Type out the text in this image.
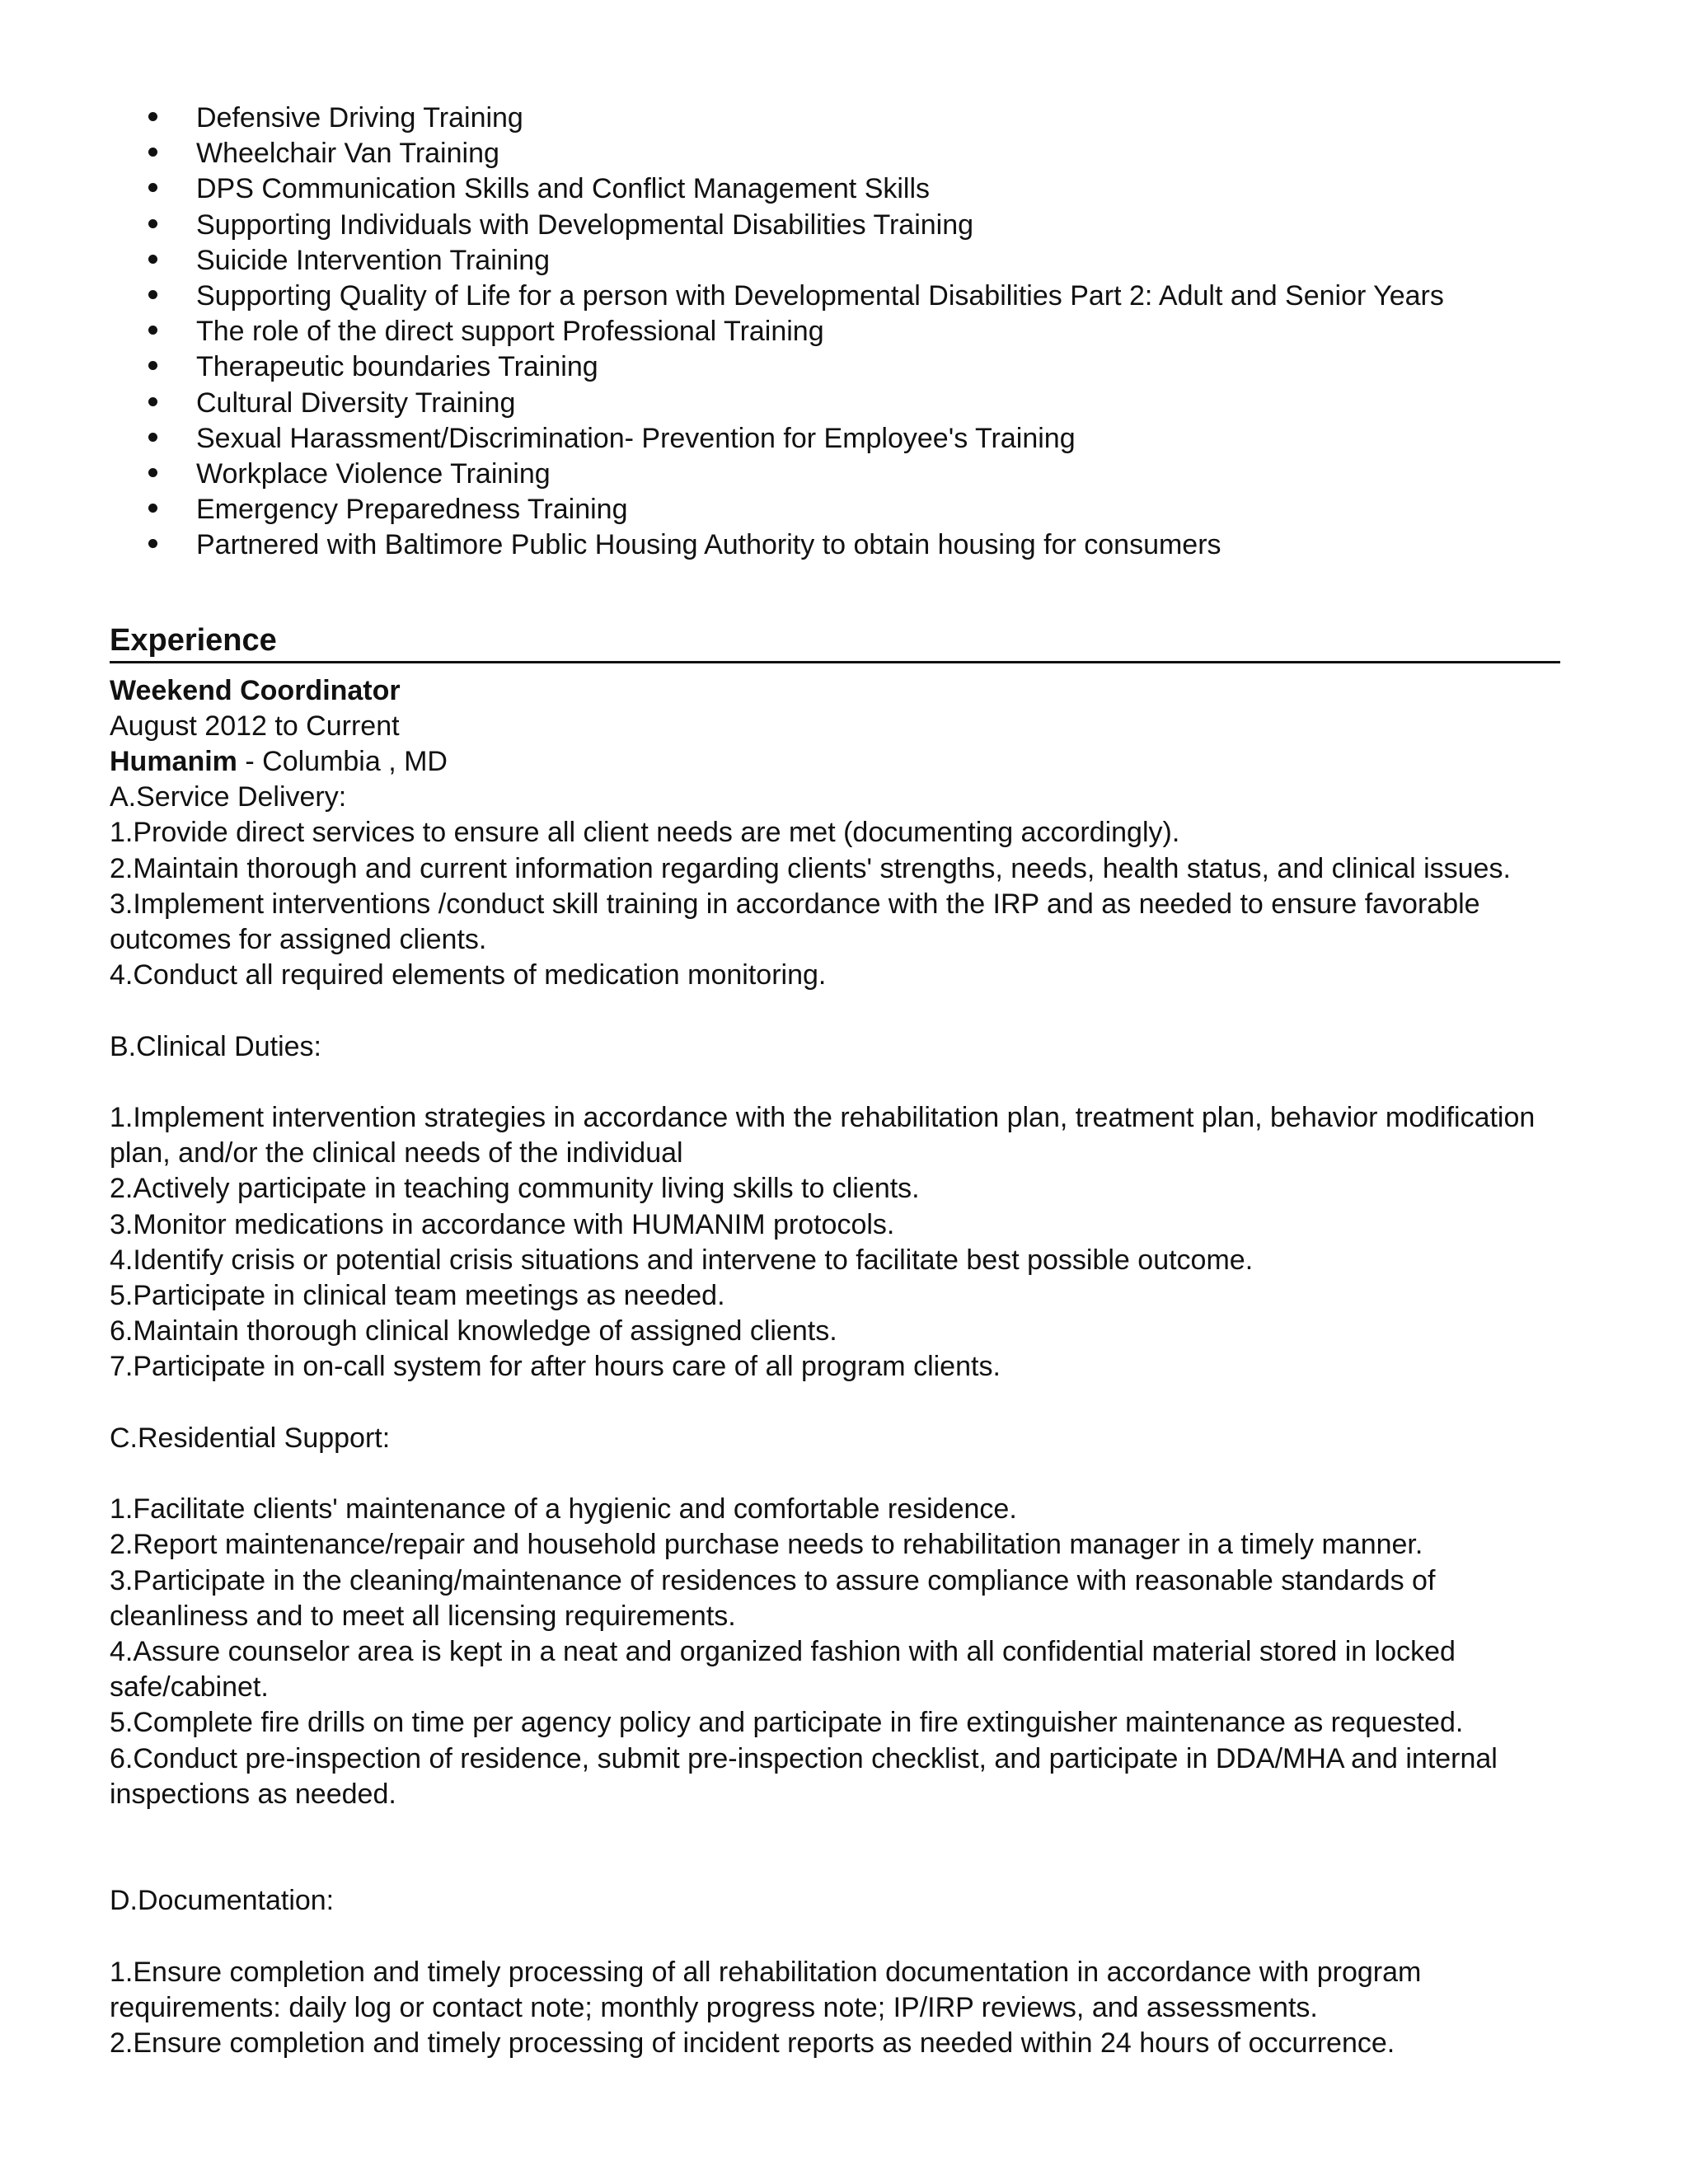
Defensive Driving Training
Wheelchair Van Training
DPS Communication Skills and Conflict Management Skills
Supporting Individuals with Developmental Disabilities Training
Suicide Intervention Training
Supporting Quality of Life for a person with Developmental Disabilities Part 2: Adult and Senior Years
The role of the direct support Professional Training
Therapeutic boundaries Training
Cultural Diversity Training
Sexual Harassment/Discrimination- Prevention for Employee's Training
Workplace Violence Training
Emergency Preparedness Training
Partnered with Baltimore Public Housing Authority to obtain housing for consumers
Experience
Weekend Coordinator
August 2012 to Current
Humanim - Columbia , MD
A.Service Delivery:
1.Provide direct services to ensure all client needs are met (documenting accordingly).
2.Maintain thorough and current information regarding clients' strengths, needs, health status, and clinical issues.
3.Implement interventions /conduct skill training in accordance with the IRP and as needed to ensure favorable outcomes for assigned clients.
4.Conduct all required elements of medication monitoring.
B.Clinical Duties:
1.Implement intervention strategies in accordance with the rehabilitation plan, treatment plan, behavior modification plan, and/or the clinical needs of the individual
2.Actively participate in teaching community living skills to clients.
3.Monitor medications in accordance with HUMANIM protocols.
4.Identify crisis or potential crisis situations and intervene to facilitate best possible outcome.
5.Participate in clinical team meetings as needed.
6.Maintain thorough clinical knowledge of assigned clients.
7.Participate in on-call system for after hours care of all program clients.
C.Residential Support:
1.Facilitate clients' maintenance of a hygienic and comfortable residence.
2.Report maintenance/repair and household purchase needs to rehabilitation manager in a timely manner.
3.Participate in the cleaning/maintenance of residences to assure compliance with reasonable standards of cleanliness and to meet all licensing requirements.
4.Assure counselor area is kept in a neat and organized fashion with all confidential material stored in locked safe/cabinet.
5.Complete fire drills on time per agency policy and participate in fire extinguisher maintenance as requested.
6.Conduct pre-inspection of residence, submit pre-inspection checklist, and participate in DDA/MHA and internal inspections as needed.
D.Documentation:
1.Ensure completion and timely processing of all rehabilitation documentation in accordance with program requirements: daily log or contact note; monthly progress note; IP/IRP reviews, and assessments.
2.Ensure completion and timely processing of incident reports as needed within 24 hours of occurrence.
